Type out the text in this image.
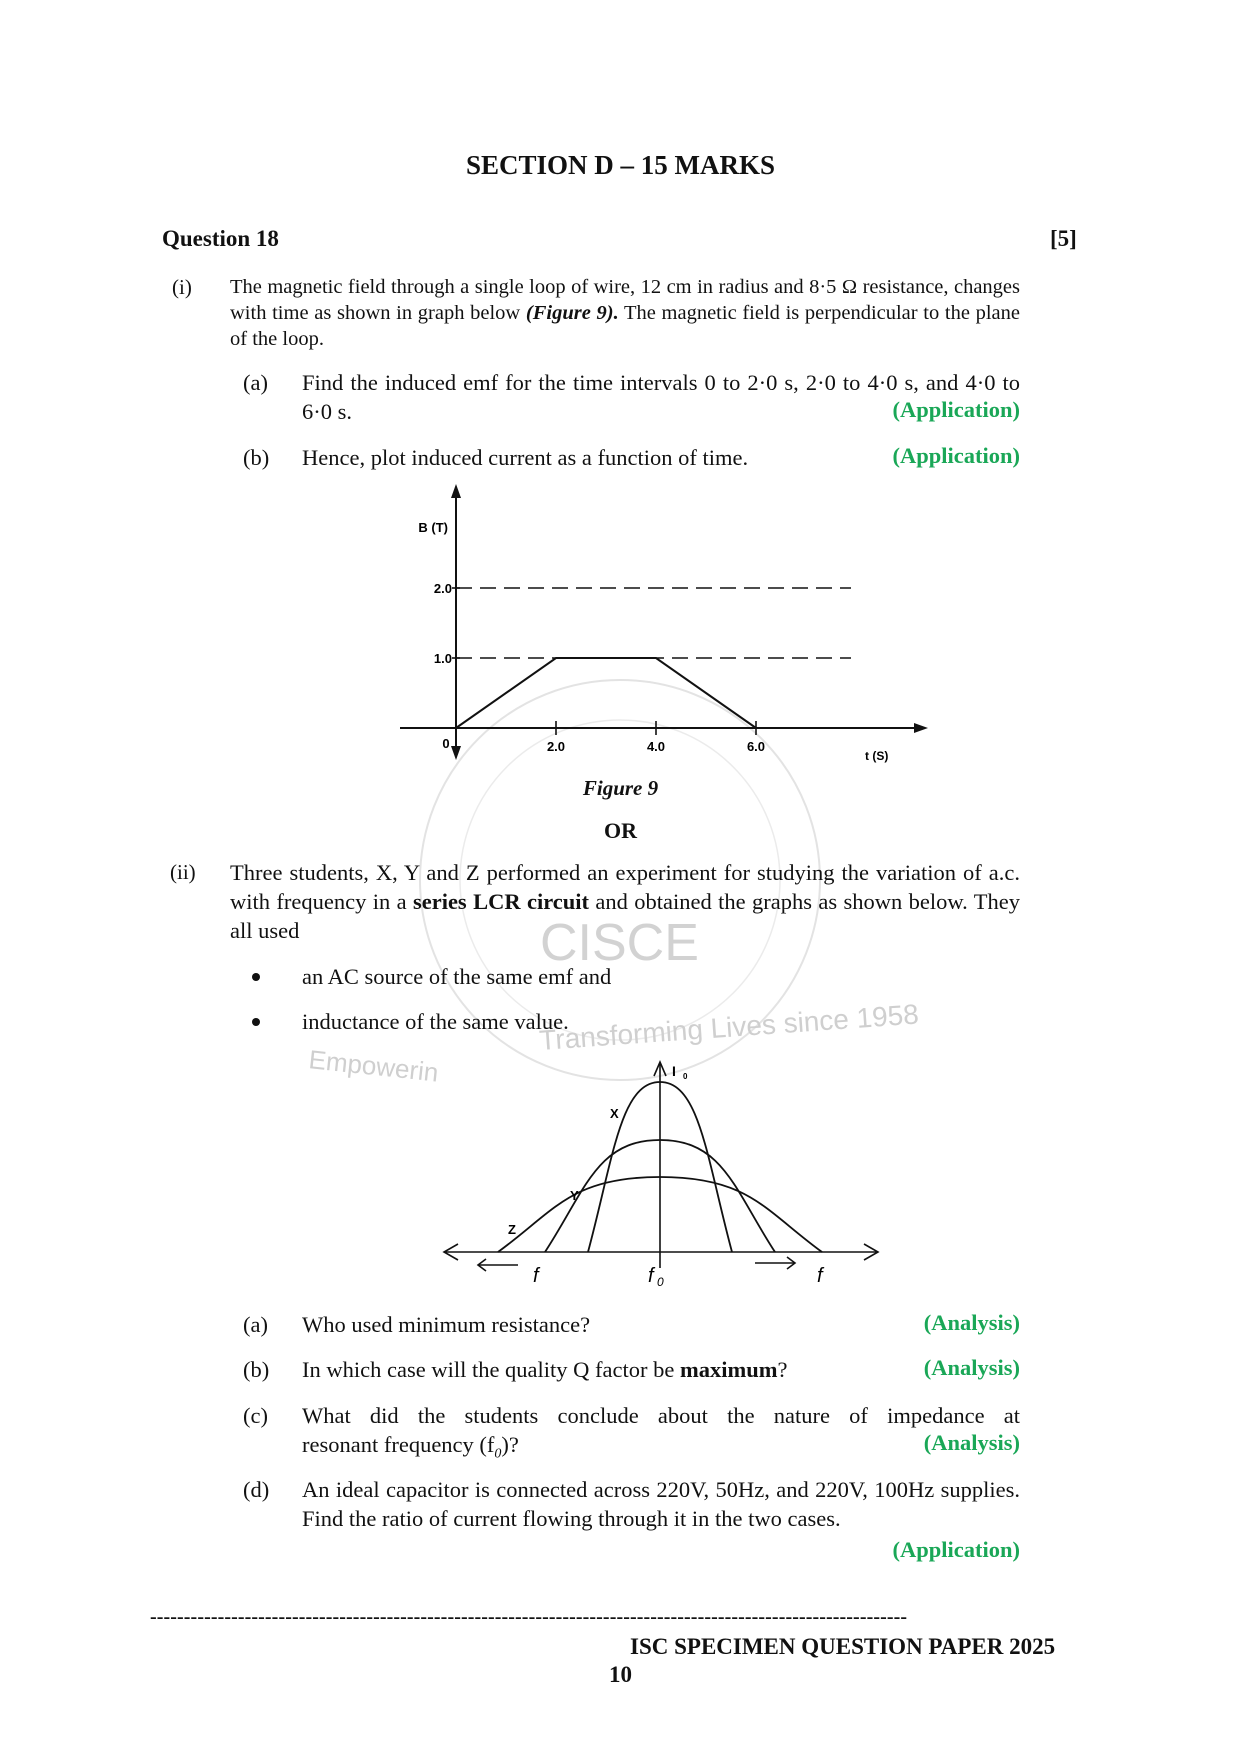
CISCE
Transforming Lives since 1958
Empowerin
SECTION D – 15 MARKS
Question 18	[5]
(i) The magnetic field through a single loop of wire, 12 cm in radius and 8·5 Ω resistance, changes with time as shown in graph below (Figure 9). The magnetic field is perpendicular to the plane of the loop.
(a) Find the induced emf for the time intervals 0 to 2·0 s, 2·0 to 4·0 s, and 4·0 to 6·0 s.	(Application)
(b) Hence, plot induced current as a function of time.	(Application)
2.0
1.0
2.0	4.0	6.0
0
B (T)
t (S)
Figure 9
OR
(ii) Three students, X, Y and Z performed an experiment for studying the variation of a.c. with frequency in a series LCR circuit and obtained the graphs as shown below. They all used
an AC source of the same emf and
inductance of the same value.
I 0
X
Y
Z
f	f 0	f
(a) Who used minimum resistance?	(Analysis)
(b) In which case will the quality Q factor be maximum?	(Analysis)
(c) What did the students conclude about the nature of impedance at
resonant frequency $(f_0)$?	(Analysis)
(d) An ideal capacitor is connected across 220V, 50Hz, and 220V, 100Hz supplies. Find the ratio of current flowing through it in the two cases.
(Application)
----------------------------------------------------------------------------------------------------------------
ISC SPECIMEN QUESTION PAPER 2025
10
